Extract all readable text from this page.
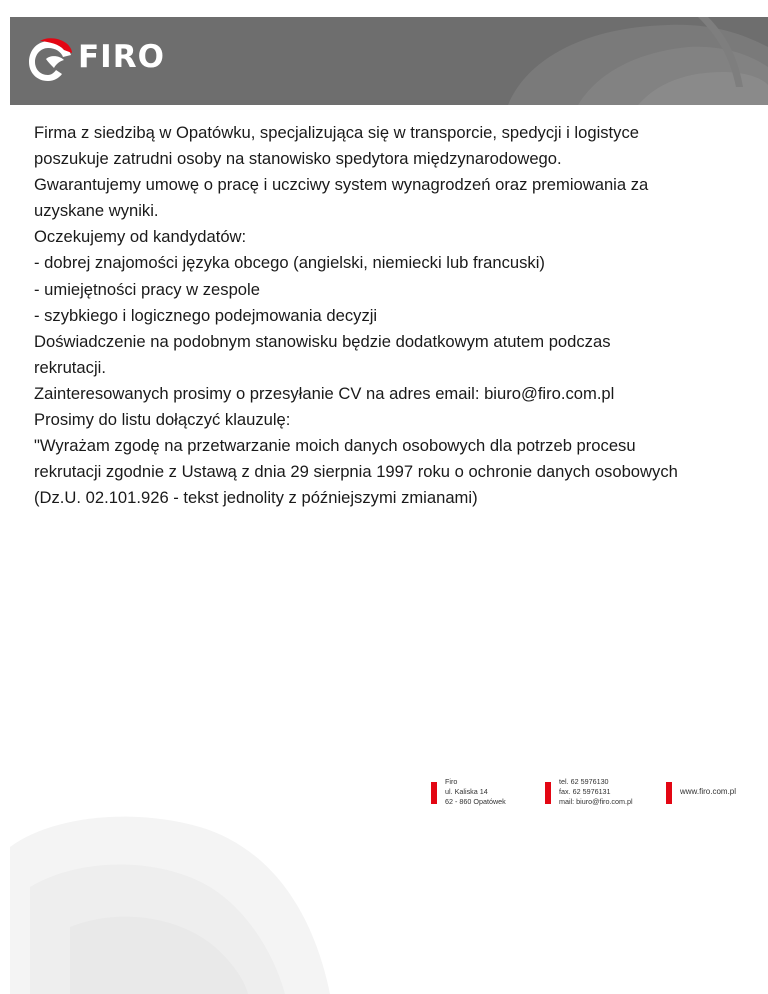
FIRO

Firma z siedzibą w Opatówku, specjalizująca się w transporcie, spedycji i logistyce

poszukuje zatrudni osoby na stanowisko spedytora międzynarodowego.

Gwarantujemy umowę o pracę i uczciwy system wynagrodzeń oraz premiowania za

uzyskane wyniki.

Oczekujemy od kandydatów:

- dobrej znajomości języka obcego (angielski, niemiecki lub francuski)

- umiejętności pracy w zespole

- szybkiego i logicznego podejmowania decyzji

Doświadczenie na podobnym stanowisku będzie dodatkowym atutem podczas

rekrutacji.

Zainteresowanych prosimy o przesyłanie CV na adres email: biuro@firo.com.pl

Prosimy do listu dołączyć klauzulę:

"Wyrażam zgodę na przetwarzanie moich danych osobowych dla potrzeb procesu

rekrutacji zgodnie z Ustawą z dnia 29 sierpnia 1997 roku o ochronie danych osobowych

(Dz.U. 02.101.926 - tekst jednolity z późniejszymi zmianami)

Firo
ul. Kaliska 14
62 - 860 Opatówek
tel. 62 5976130
fax. 62 5976131
mail: biuro@firo.com.pl
www.firo.com.pl
